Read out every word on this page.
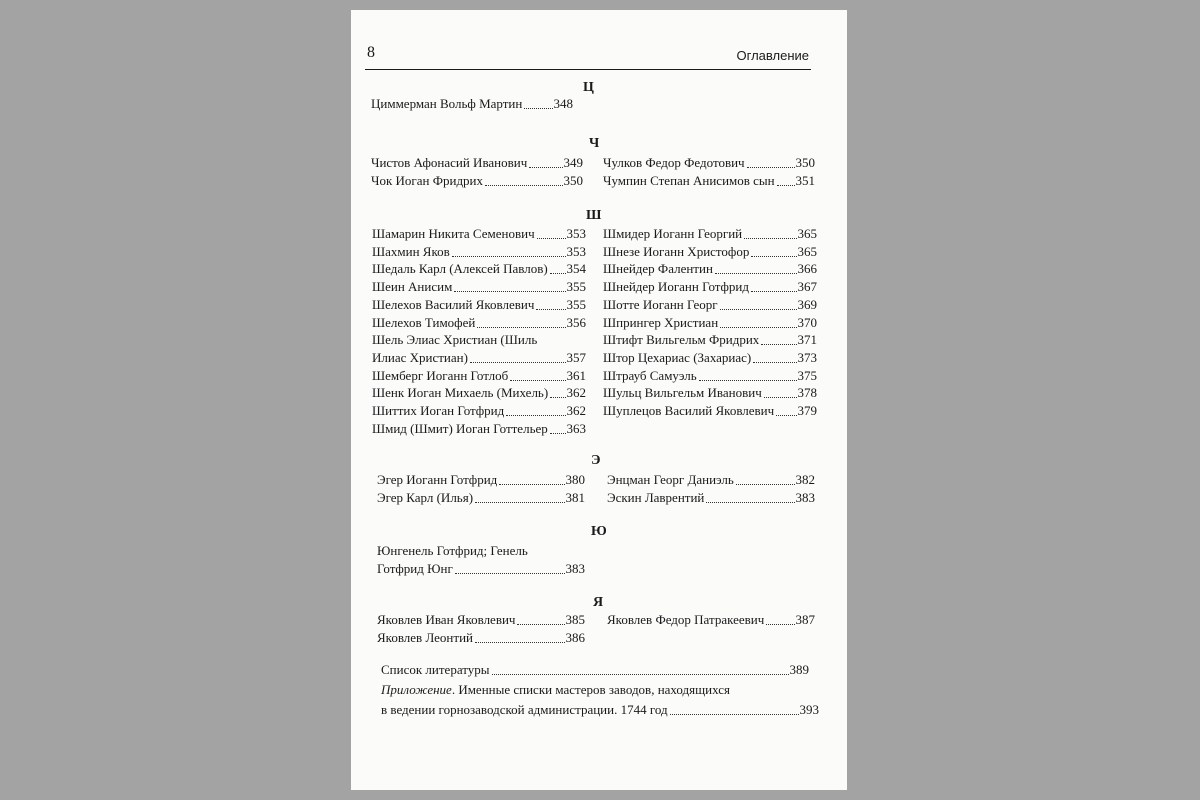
8	Оглавление
Ц
Циммерман Вольф Мартин 348
Ч
Чистов Афонасий Иванович	349
Чок Иоган Фридрих	350
Чулков Федор Федотович	350
Чумпин Степан Анисимов сын 351
Ш
Шамарин Никита Семенович 353
Шахмин Яков	353
Шедаль Карл (Алексей Павлов) 354
Шеин Анисим	355
Шелехов Василий Яковлевич 355
Шелехов Тимофей	356
Шель Элиас Христиан (Шиль
Илиас Христиан)	357
Шемберг Иоганн Готлоб	361
Шенк Иоган Михаель (Михель) 362
Шиттих Иоган Готфрид	362
Шмид (Шмит) Иоган Готтельер 363
Шмидер Иоганн Георгий	365
Шнезе Иоганн Христофор	365
Шнейдер Фалентин	366
Шнейдер Иоганн Готфрид	367
Шотте Иоганн Георг	369
Шпрингер Христиан	370
Штифт Вильгельм Фридрих	371
Штор Цехариас (Захариас)	373
Штрауб Самуэль	375
Шульц Вильгельм Иванович	378
Шуплецов Василий Яковлевич 379
Э
Эгер Иоганн Готфрид	380
Эгер Карл (Илья)	381
Энцман Георг Даниэль	382
Эскин Лаврентий	383
Ю
Юнгенель Готфрид; Генель
Готфрид Юнг	383
Я
Яковлев Иван Яковлевич	385
Яковлев Леонтий	386
Яковлев Федор Патракеевич 387
Список литературы	389
Приложение. Именные списки мастеров заводов, находящихся
в ведении горнозаводской администрации. 1744 год	393
